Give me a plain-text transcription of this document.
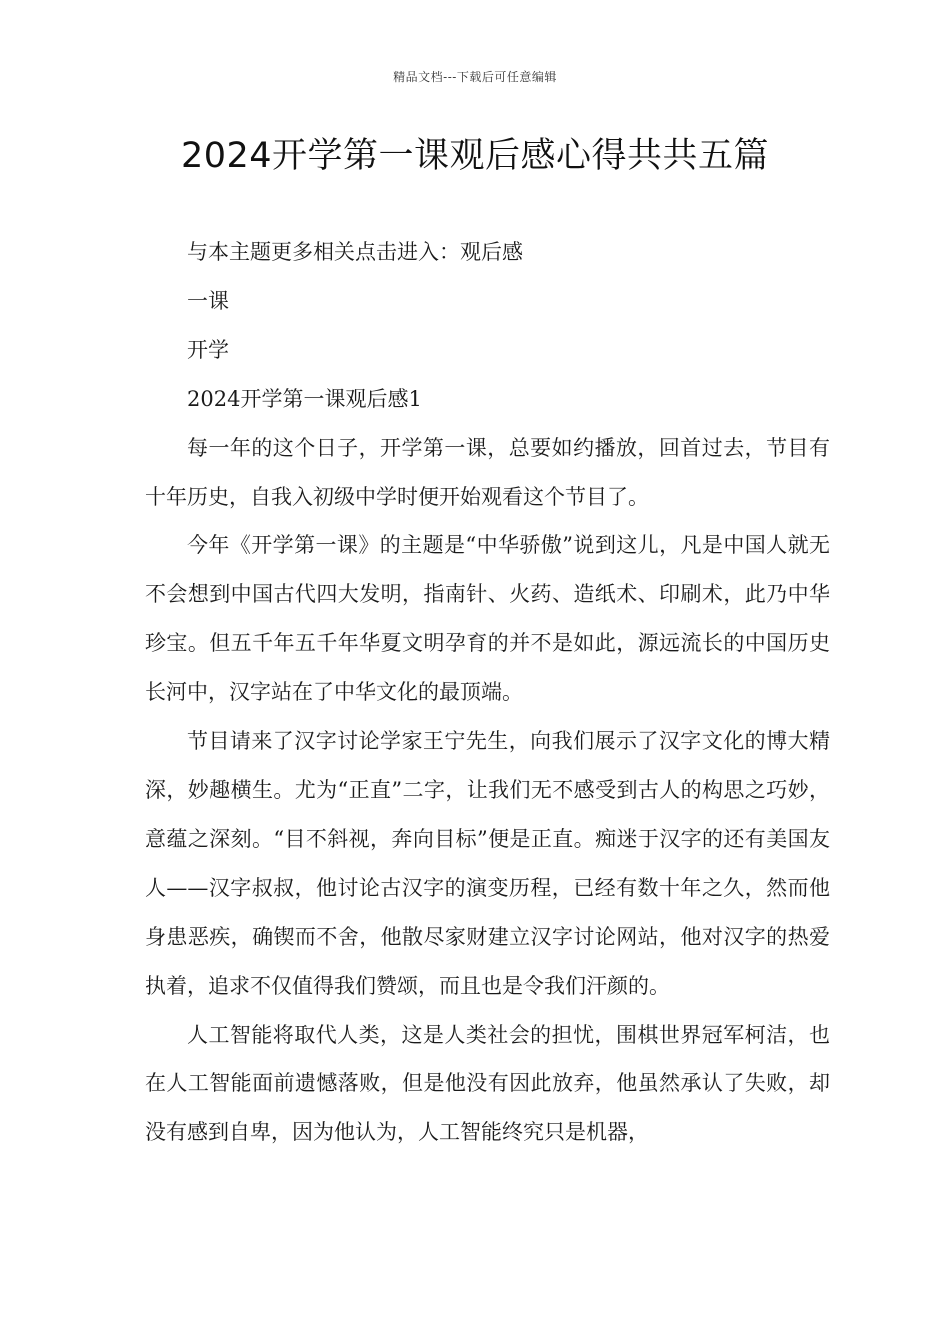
精品文档---下载后可任意编辑
2024开学第一课观后感心得共共五篇

与本主题更多相关点击进入：观后感

一课

开学

2024开学第一课观后感1

每一年的这个日子，开学第一课，总要如约播放，回首过去，节目有十年历史，自我入初级中学时便开始观看这个节目了。

今年《开学第一课》的主题是“中华骄傲”说到这儿，凡是中国人就无不会想到中国古代四大发明，指南针、火药、造纸术、印刷术，此乃中华珍宝。但五千年五千年华夏文明孕育的并不是如此，源远流长的中国历史长河中，汉字站在了中华文化的最顶端。

节目请来了汉字讨论学家王宁先生，向我们展示了汉字文化的博大精深，妙趣横生。尤为“正直”二字，让我们无不感受到古人的构思之巧妙，意蕴之深刻。“目不斜视，奔向目标”便是正直。痴迷于汉字的还有美国友人——汉字叔叔，他讨论古汉字的演变历程，已经有数十年之久，然而他身患恶疾，确锲而不舍，他散尽家财建立汉字讨论网站，他对汉字的热爱执着，追求不仅值得我们赞颂，而且也是令我们汗颜的。

人工智能将取代人类，这是人类社会的担忧，围棋世界冠军柯洁，也在人工智能面前遗憾落败，但是他没有因此放弃，他虽然承认了失败，却没有感到自卑，因为他认为，人工智能终究只是机器，
